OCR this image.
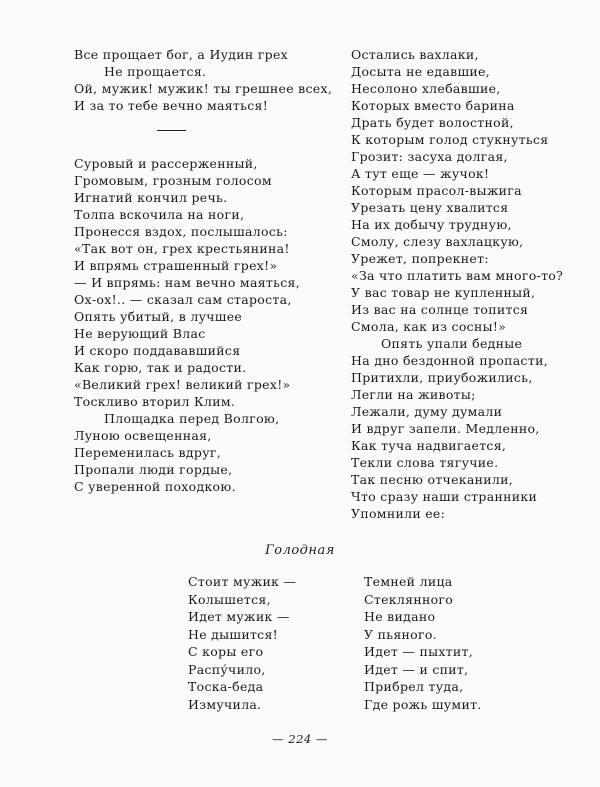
Все прощает бог, а Иудин грех
Не прощается.
Ой, мужик! мужик! ты грешнее всех,
И за то тебе вечно маяться!
Суровый и рассерженный,
Громовым, грозным голосом
Игнатий кончил речь.
Толпа вскочила на ноги,
Пронесся вздох, послышалось:
«Так вот он, грех крестьянина!
И впрямь страшенный грех!»
— И впрямь: нам вечно маяться,
Ох-ох!.. — сказал сам староста,
Опять убитый, в лучшее
Не верующий Влас
И скоро поддававшийся
Как горю, так и радости.
«Великий грех! великий грех!»
Тоскливо вторил Клим.
Площадка перед Волгою,
Луною освещенная,
Переменилась вдруг,
Пропали люди гордые,
С уверенной походкою.
Остались вахлаки,
Досыта не едавшие,
Несолоно хлебавшие,
Которых вместо барина
Драть будет волостной,
К которым голод стукнуться
Грозит: засуха долгая,
А тут еще — жучок!
Которым прасол-выжига
Урезать цену хвалится
На их добычу трудную,
Смолу, слезу вахлацкую,
Урежет, попрекнет:
«За что платить вам много-то?
У вас товар не купленный,
Из вас на солнце топится
Смола, как из сосны!»
Опять упали бедные
На дно бездонной пропасти,
Притихли, приубожились,
Легли на животы;
Лежали, думу думали
И вдруг запели. Медленно,
Как туча надвигается,
Текли слова тягучие.
Так песню отчеканили,
Что сразу наши странники
Упомнили ее:
Голодная
Стоит мужик —
Колышется,
Идет мужик —
Не дышится!
С коры его
Распу́чило,
Тоска-беда
Измучила.
Темней лица
Стеклянного
Не видано
У пьяного.
Идет — пыхтит,
Идет — и спит,
Прибрел туда,
Где рожь шумит.
— 224 —
